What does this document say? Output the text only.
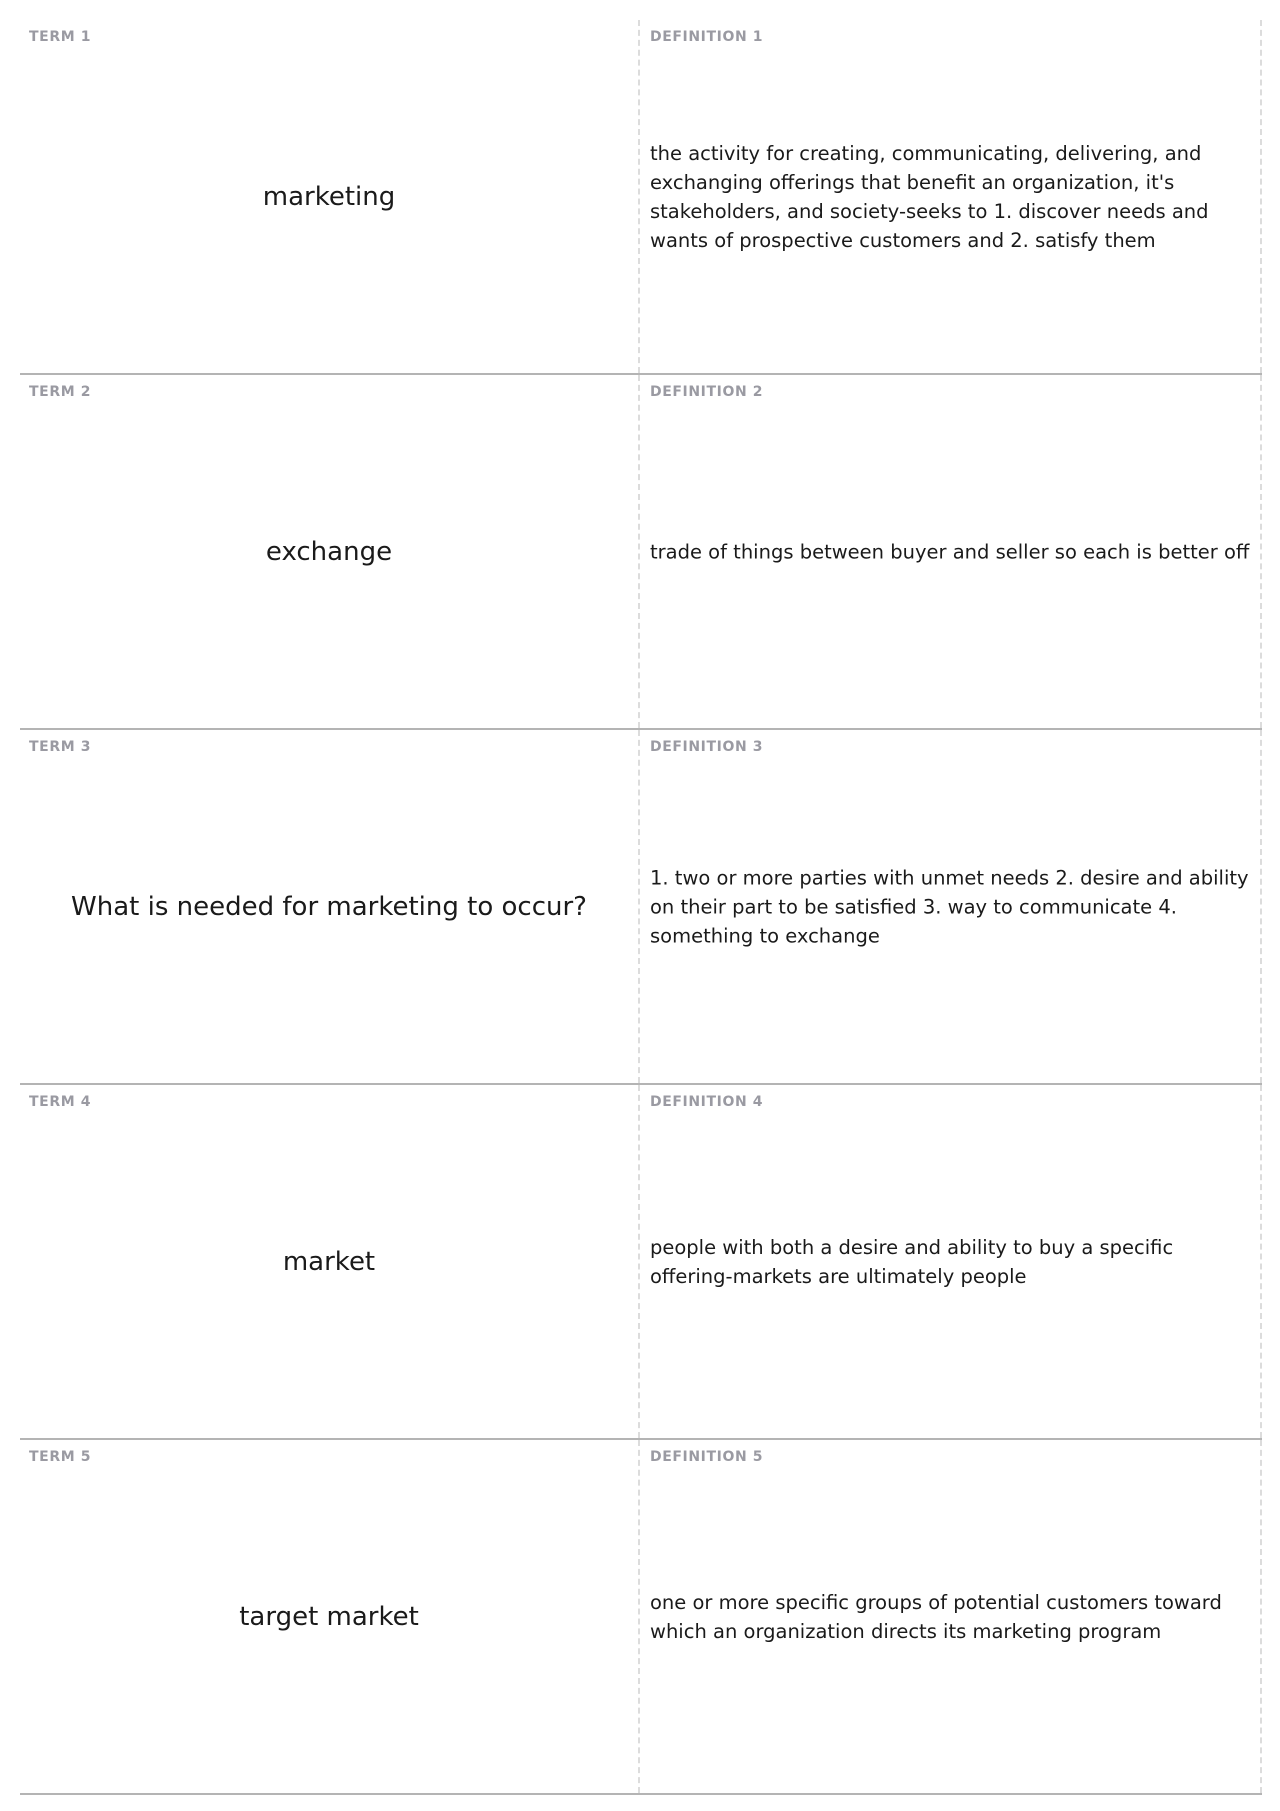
TERM 1
marketing
DEFINITION 1
the activity for creating, communicating, delivering, and exchanging offerings that benefit an organization, it's stakeholders, and society-seeks to 1. discover needs and wants of prospective customers and 2. satisfy them
TERM 2
exchange
DEFINITION 2
trade of things between buyer and seller so each is better off
TERM 3
What is needed for marketing to occur?
DEFINITION 3
1. two or more parties with unmet needs 2. desire and ability on their part to be satisfied 3. way to communicate 4. something to exchange
TERM 4
market
DEFINITION 4
people with both a desire and ability to buy a specific offering-markets are ultimately people
TERM 5
target market
DEFINITION 5
one or more specific groups of potential customers toward which an organization directs its marketing program
